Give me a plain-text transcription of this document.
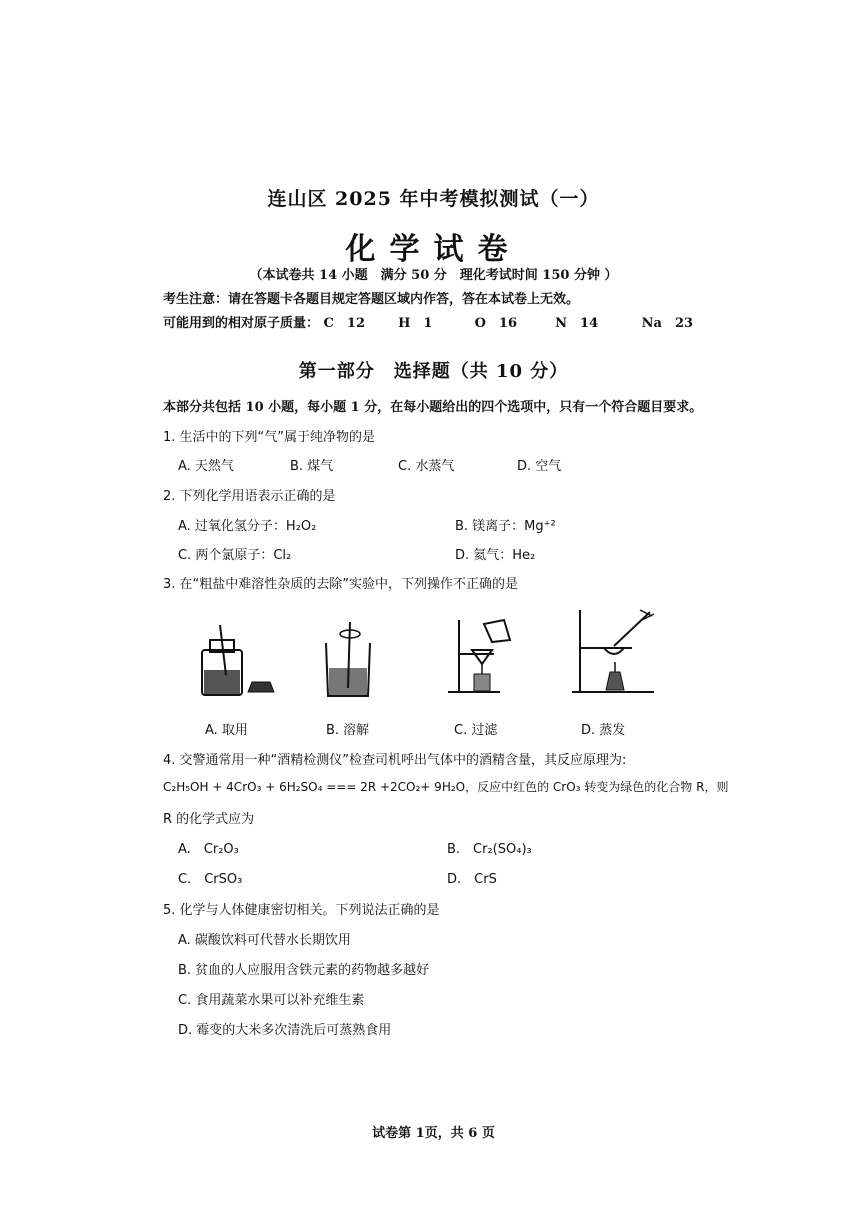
连山区 2025 年中考模拟测试（一）
化学试卷
（本试卷共 14 小题　满分 50 分　理化考试时间 150 分钟 ）
考生注意：请在答题卡各题目规定答题区域内作答，答在本试卷上无效。
可能用到的相对原子质量： C　12	H　1	O　16	N　14	Na　23
第一部分　选择题（共 10 分）
本部分共包括 10 小题，每小题 1 分，在每小题给出的四个选项中，只有一个符合题目要求。
1. 生活中的下列“气”属于纯净物的是
A. 天然气	B. 煤气	C. 水蒸气	D. 空气
2. 下列化学用语表示正确的是
A. 过氧化氢分子：H₂O₂	B. 镁离子：Mg⁺²
C. 两个氯原子：Cl₂	D. 氦气：He₂
3. 在“粗盐中难溶性杂质的去除”实验中，下列操作不正确的是
A. 取用	B. 溶解	C. 过滤	D. 蒸发
4. 交警通常用一种“酒精检测仪”检查司机呼出气体中的酒精含量，其反应原理为:
C₂H₅OH + 4CrO₃ + 6H₂SO₄ === 2R +2CO₂+ 9H₂O，反应中红色的 CrO₃ 转变为绿色的化合物 R，则
R 的化学式应为
A.　Cr₂O₃	B.　Cr₂(SO₄)₃
C.　CrSO₃	D.　CrS
5. 化学与人体健康密切相关。下列说法正确的是
A. 碳酸饮料可代替水长期饮用
B. 贫血的人应服用含铁元素的药物越多越好
C. 食用蔬菜水果可以补充维生素
D. 霉变的大米多次清洗后可蒸熟食用
试卷第 1页，共 6 页
